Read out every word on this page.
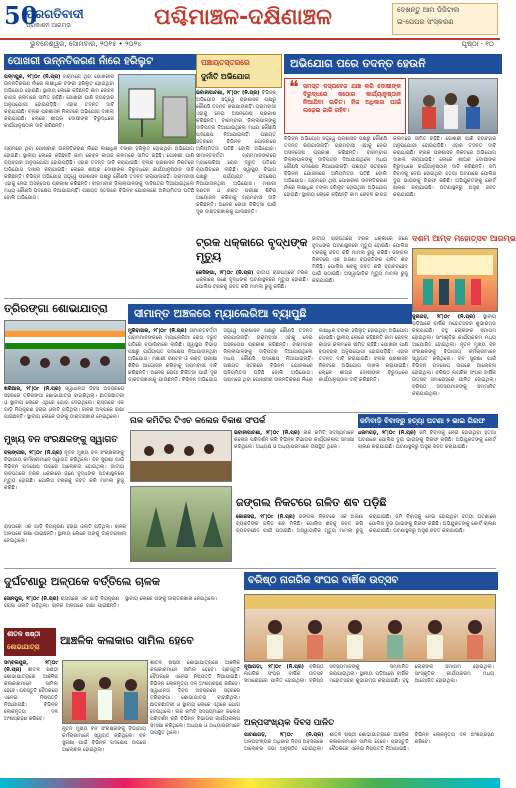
50
ପ୍ରଗତିବାଦୀ
ପ୍ରକାଶନ ଆରମ୍ଭ	ପଶ୍ଚିମାଞ୍ଚଳ-ଦକ୍ଷିଣାଞ୍ଚଳ	ଦେଖନ୍ତୁ ଆମ ଡିଜିଟାଲ
ଇ-ପେପର ସଂସ୍କରଣ
ଭୁବନେଶ୍ୱର, ସୋମବାର, ୨୦୧୫ • ୨୦୨୪	ପୃଷ୍ଠା - ୧୦
ପୋଖରୀ ଉନ୍ନତିକରଣ ନାଁରେ ହରିଲୁଟ
ପଦ୍ମପୁର, ୨୮|୦୯ (ନି.ପ୍ର) ଗ୍ରାମରେ ଥିବା ପୋଖରୀର ଉନ୍ନତିକରଣ ନାଁରେ ଲକ୍ଷାଧିକ ଟଙ୍କା ହରିଲୁଟ ହୋଇଥିବା ଅଭିଯୋଗ ହୋଇଛି। ସ୍ଥାନୀୟ ଲୋକେ କହିଛନ୍ତି କାମ କେବଳ କାଗଜ କଲମରେ ସୀମିତ ରହିଛି। ପୋଖରୀ ପାଣି ବ୍ୟବହାର ଅନୁପଯୋଗୀ ହୋଇପଡ଼ିଛି। ଏହାର ତଦନ୍ତ ଦାବି କରାଯାଇଛି। ବ୍ଲକ ପ୍ରଶାସନ ନିକଟରେ ଅଭିଯୋଗ ଦାଖଲ କରାଯାଇଛି। ଲୋକେ ଶୀଘ୍ର ଦୋଷୀଙ୍କ ବିରୁଦ୍ଧରେ କାର୍ଯ୍ୟାନୁଷ୍ଠାନ ଦାବି କରିଛନ୍ତି।
ଗ୍ରାମରେ ଥିବା ପୋଖରୀର ଉନ୍ନତିକରଣ ନାଁରେ ଲକ୍ଷାଧିକ ଟଙ୍କା ହରିଲୁଟ ହୋଇଥିବା ଅଭିଯୋଗ ହୋଇଛି। ସ୍ଥାନୀୟ ଲୋକେ କହିଛନ୍ତି କାମ କେବଳ କାଗଜ କଲମରେ ସୀମିତ ରହିଛି। ପୋଖରୀ ପାଣି ବ୍ୟବହାର ଅନୁପଯୋଗୀ ହୋଇପଡ଼ିଛି। ଏହାର ତଦନ୍ତ ଦାବି କରାଯାଇଛି। ବ୍ଲକ ପ୍ରଶାସନ ନିକଟରେ ଅଭିଯୋଗ ଦାଖଲ କରାଯାଇଛି। ଲୋକେ ଶୀଘ୍ର ଦୋଷୀଙ୍କ ବିରୁଦ୍ଧରେ କାର୍ଯ୍ୟାନୁଷ୍ଠାନ ଦାବି କରିଛନ୍ତି। ବିଭିନ୍ନ ଅଭିଯୋଗ ସତ୍ତ୍ୱେ ପ୍ରଶାସନ ପକ୍ଷରୁ କୌଣସି ତଦନ୍ତ କରାଯାଉନାହିଁ। ଗ୍ରାମବାସୀ ଏହାକୁ ନେଇ ଅସନ୍ତୋଷ ପ୍ରକାଶ କରିଛନ୍ତି। ବାରମ୍ବାର ଜିଲ୍ଲାପାଳଙ୍କୁ ଦାବିପତ୍ର ଦିଆଯାଇଥିଲେ ମଧ୍ୟ କୌଣସି ପଦକ୍ଷେପ ନିଆଯାଇନାହିଁ। ପଞ୍ଚାୟତ ସ୍ତରରେ ବିଭିନ୍ନ ଯୋଜନାରେ ଅନିୟମିତତା ଘଟିଛି ବୋଲି ଅଭିଯୋଗ।
ପଞ୍ଚାୟତସ୍ତରରେ
ଦୁର୍ନୀତି ଅଭିଯୋଗ
ଅଭିଯୋଗ ପରେ ତଦନ୍ତ ହେଉନି
ଭବାନୀପାଟଣା, ୨୮|୦୯ (ନି.ପ୍ର) ବିଭିନ୍ନ ଅଭିଯୋଗ ସତ୍ତ୍ୱେ ପ୍ରଶାସନ ପକ୍ଷରୁ କୌଣସି ତଦନ୍ତ କରାଯାଉନାହିଁ। ଗ୍ରାମବାସୀ ଏହାକୁ ନେଇ ଅସନ୍ତୋଷ ପ୍ରକାଶ କରିଛନ୍ତି। ବାରମ୍ବାର ଜିଲ୍ଲାପାଳଙ୍କୁ ଦାବିପତ୍ର ଦିଆଯାଇଥିଲେ ମଧ୍ୟ କୌଣସି ପଦକ୍ଷେପ ନିଆଯାଇନାହିଁ। ପଞ୍ଚାୟତ ସ୍ତରରେ ବିଭିନ୍ନ ଯୋଜନାରେ ଅନିୟମିତତା ଘଟିଛି ବୋଲି ଅଭିଯୋଗ। ସୀମାନ୍ତବର୍ତ୍ତୀ ଗ୍ରାମମାନଙ୍କରେ ମ୍ୟାଲେରିଆ ରୋଗ ଦ୍ରୁତ ଗତିରେ ବ୍ୟାପିବାରେ ଲାଗିଛି। ସ୍ୱାସ୍ଥ୍ୟ ବିଭାଗ ପକ୍ଷରୁ ପର୍ଯ୍ୟାପ୍ତ ପଦକ୍ଷେପ ନିଆଯାଉନଥିବା ଅଭିଯୋଗ। ମଶାରୀ ବଣ୍ଟନ ଓ ରକ୍ତ ପରୀକ୍ଷା ଶିବିର ଆୟୋଜନ କରିବାକୁ ଗ୍ରାମବାସୀ ଦାବି କରିଛନ୍ତି। ଅନେକ ରୋଗୀ ଚିକିତ୍ସା ପାଇଁ ଦୂର ଡାକ୍ତରଖାନାକୁ ଯାଉଛନ୍ତି।
❝ ସମସ୍ତ ଦସ୍ତାବେଜ ଯାଞ୍ଚ କରି ଦୋଷୀଙ୍କ ବିରୁଦ୍ଧରେ କଠୋର କାର୍ଯ୍ୟାନୁଷ୍ଠାନ ନିଆଯିବା ଉଚିତ। ନିଜ ଅଧିକାର ପାଇଁ ଲଢ଼େଇ ଜାରି ରହିବ।
ବିଭିନ୍ନ ଅଭିଯୋଗ ସତ୍ତ୍ୱେ ପ୍ରଶାସନ ପକ୍ଷରୁ କୌଣସି ତଦନ୍ତ କରାଯାଉନାହିଁ। ଗ୍ରାମବାସୀ ଏହାକୁ ନେଇ ଅସନ୍ତୋଷ ପ୍ରକାଶ କରିଛନ୍ତି। ବାରମ୍ବାର ଜିଲ୍ଲାପାଳଙ୍କୁ ଦାବିପତ୍ର ଦିଆଯାଇଥିଲେ ମଧ୍ୟ କୌଣସି ପଦକ୍ଷେପ ନିଆଯାଇନାହିଁ। ପଞ୍ଚାୟତ ସ୍ତରରେ ବିଭିନ୍ନ ଯୋଜନାରେ ଅନିୟମିତତା ଘଟିଛି ବୋଲି ଅଭିଯୋଗ। ଗ୍ରାମରେ ଥିବା ପୋଖରୀର ଉନ୍ନତିକରଣ ନାଁରେ ଲକ୍ଷାଧିକ ଟଙ୍କା ହରିଲୁଟ ହୋଇଥିବା ଅଭିଯୋଗ ହୋଇଛି। ସ୍ଥାନୀୟ ଲୋକେ କହିଛନ୍ତି କାମ କେବଳ କାଗଜ କଲମରେ ସୀମିତ ରହିଛି। ପୋଖରୀ ପାଣି ବ୍ୟବହାର ଅନୁପଯୋଗୀ ହୋଇପଡ଼ିଛି। ଏହାର ତଦନ୍ତ ଦାବି କରାଯାଇଛି। ବ୍ଲକ ପ୍ରଶାସନ ନିକଟରେ ଅଭିଯୋଗ ଦାଖଲ କରାଯାଇଛି। ଲୋକେ ଶୀଘ୍ର ଦୋଷୀଙ୍କ ବିରୁଦ୍ଧରେ କାର୍ଯ୍ୟାନୁଷ୍ଠାନ ଦାବି କରିଛନ୍ତି। ଜମି ବିବାଦକୁ ନେଇ ହୋଇଥିବା ହତ୍ୟା ଘଟଣାରେ ପୋଲିସ ଦୁଇ ଭାଇଙ୍କୁ ଗିରଫ କରିଛି। ଅଭିଯୁକ୍ତଙ୍କୁ କୋର୍ଟ ଚାଲାଣ କରାଯାଇଛି। ଘଟଣାସ୍ଥଳରୁ ଅସ୍ତ୍ର ଜବତ କରାଯାଇଛି।
ଟ୍ରକ ଧକ୍କାରେ ବୃଦ୍ଧଙ୍କ ମୃତ୍ୟୁ
କେସିଙ୍ଗା, ୨୮|୦୯ (ନି.ପ୍ର) ଜାତୀୟ ରାଜପଥରେ ଟ୍ରକ ଧକ୍କାରେ ଜଣେ ବୃଦ୍ଧଙ୍କ ଘଟଣାସ୍ଥଳରେ ମୃତ୍ୟୁ ହୋଇଛି। ପୋଲିସ ଟ୍ରକକୁ ଜବତ କରି ମାମଲା ରୁଜୁ କରିଛି।
ଜାତୀୟ ରାଜପଥରେ ଟ୍ରକ ଧକ୍କାରେ ଜଣେ ବୃଦ୍ଧଙ୍କ ଘଟଣାସ୍ଥଳରେ ମୃତ୍ୟୁ ହୋଇଛି। ପୋଲିସ ଟ୍ରକକୁ ଜବତ କରି ମାମଲା ରୁଜୁ କରିଛି। ଜଙ୍ଗଲ ନିକଟରେ ଏକ ଅଜଣା ବ୍ୟକ୍ତିଙ୍କ ଗଳିତ ଶବ ମିଳିଛି। ପୋଲିସ ଶବକୁ ଜବତ କରି ବ୍ୟବଚ୍ଛେଦ ପାଇଁ ପଠାଇଛି। ଅସ୍ୱାଭାବିକ ମୃତ୍ୟୁ ମାମଲା ରୁଜୁ କରାଯାଇଛି।
ଦଶମ ଆମ୍ବ ମହୋତ୍ସବ ଆରମ୍ଭ
ଜୁନାଗଡ଼, ୨୮|୦୯ (ନି.ପ୍ର) ସ୍ଥାନୀୟ ପଡ଼ିଆରେ ବାର୍ଷିକ ମହୋତ୍ସବର ଶୁଭାରମ୍ଭ କରାଯାଇଛି। ବହୁ ଲୋକଙ୍କ ସମାଗମ ହୋଇଥିଲା। ସାଂସ୍କୃତିକ କାର୍ଯ୍ୟକ୍ରମ ମଧ୍ୟ ଆୟୋଜିତ ହୋଇଥିଲା। ନୂତନ ମୁଖ୍ୟ ବନ ସଂରକ୍ଷକଙ୍କୁ ବିଭାଗୀୟ କର୍ମଚାରୀମାନେ ସ୍ୱାଗତ କରିଥିଲେ। ବନ ସୁରକ୍ଷା ପାଇଁ ବିଭିନ୍ନ ପଦକ୍ଷେପ ଉପରେ ଆଲୋଚନା ହୋଇଥିଲା। ବରିଷ୍ଠ ନାଗରିକ ସଂଘର ବାର୍ଷିକ ଉତ୍ସବ ସମାରୋହରେ ପାଳିତ ହୋଇଥିଲା। ବରିଷ୍ଠ ସଦସ୍ୟମାନଙ୍କୁ ସମ୍ମାନିତ କରାଯାଇଥିଲା।
ତ୍ରିରଙ୍ଗା ଶୋଭାଯାତ୍ରା
ଖରିଆର, ୨୮|୦୯ (ନି.ପ୍ର) ସ୍ୱାଧୀନତା ଦିବସ ଅବସରରେ ସହରରେ ତ୍ରିରଙ୍ଗା ଶୋଭାଯାତ୍ରା ବାହାରିଥିଲା। ଛାତ୍ରଛାତ୍ରୀ ଓ ସ୍ଥାନୀୟ ଲୋକେ ଏଥିରେ ଯୋଗ ଦେଇଥିଲେ। ରାସ୍ତାରେ ଏକ ଗାଡ଼ି ନିୟନ୍ତ୍ରଣ ହରାଇ ଓଲଟି ପଡ଼ିଥିଲା। ଚାଳକ ଅଳ୍ପକେ ରକ୍ଷା ପାଇଛନ୍ତି। ସ୍ଥାନୀୟ ଲୋକେ ତାଙ୍କୁ ଡାକ୍ତରଖାନା ନେଇଥିଲେ।
ସୀମାନ୍ତ ଅଞ୍ଚଳରେ ମ୍ୟାଲେରିଆ ବ୍ୟାପୁଛି
ମୁରିବାହାଲ, ୨୮|୦୯ (ନି.ପ୍ର) ସୀମାନ୍ତବର୍ତ୍ତୀ ଗ୍ରାମମାନଙ୍କରେ ମ୍ୟାଲେରିଆ ରୋଗ ଦ୍ରୁତ ଗତିରେ ବ୍ୟାପିବାରେ ଲାଗିଛି। ସ୍ୱାସ୍ଥ୍ୟ ବିଭାଗ ପକ୍ଷରୁ ପର୍ଯ୍ୟାପ୍ତ ପଦକ୍ଷେପ ନିଆଯାଉନଥିବା ଅଭିଯୋଗ। ମଶାରୀ ବଣ୍ଟନ ଓ ରକ୍ତ ପରୀକ୍ଷା ଶିବିର ଆୟୋଜନ କରିବାକୁ ଗ୍ରାମବାସୀ ଦାବି କରିଛନ୍ତି। ଅନେକ ରୋଗୀ ଚିକିତ୍ସା ପାଇଁ ଦୂର ଡାକ୍ତରଖାନାକୁ ଯାଉଛନ୍ତି। ବିଭିନ୍ନ ଅଭିଯୋଗ ସତ୍ତ୍ୱେ ପ୍ରଶାସନ ପକ୍ଷରୁ କୌଣସି ତଦନ୍ତ କରାଯାଉନାହିଁ। ଗ୍ରାମବାସୀ ଏହାକୁ ନେଇ ଅସନ୍ତୋଷ ପ୍ରକାଶ କରିଛନ୍ତି। ବାରମ୍ବାର ଜିଲ୍ଲାପାଳଙ୍କୁ ଦାବିପତ୍ର ଦିଆଯାଇଥିଲେ ମଧ୍ୟ କୌଣସି ପଦକ୍ଷେପ ନିଆଯାଇନାହିଁ। ପଞ୍ଚାୟତ ସ୍ତରରେ ବିଭିନ୍ନ ଯୋଜନାରେ ଅନିୟମିତତା ଘଟିଛି ବୋଲି ଅଭିଯୋଗ। ଗ୍ରାମରେ ଥିବା ପୋଖରୀର ଉନ୍ନତିକରଣ ନାଁରେ ଲକ୍ଷାଧିକ ଟଙ୍କା ହରିଲୁଟ ହୋଇଥିବା ଅଭିଯୋଗ ହୋଇଛି। ସ୍ଥାନୀୟ ଲୋକେ କହିଛନ୍ତି କାମ କେବଳ କାଗଜ କଲମରେ ସୀମିତ ରହିଛି। ପୋଖରୀ ପାଣି ବ୍ୟବହାର ଅନୁପଯୋଗୀ ହୋଇପଡ଼ିଛି। ଏହାର ତଦନ୍ତ ଦାବି କରାଯାଇଛି। ବ୍ଲକ ପ୍ରଶାସନ ନିକଟରେ ଅଭିଯୋଗ ଦାଖଲ କରାଯାଇଛି। ଲୋକେ ଶୀଘ୍ର ଦୋଷୀଙ୍କ ବିରୁଦ୍ଧରେ କାର୍ଯ୍ୟାନୁଷ୍ଠାନ ଦାବି କରିଛନ୍ତି।
ନାକ କମିଟିର ଟିଏଚ କଲେଜ ବିକାଶ ସଂପର୍କ
ଭବାନୀପାଟଣା, ୨୮|୦୯ (ନି.ପ୍ର) ନାକ କମିଟି ସଦସ୍ୟମାନେ କଲେଜ ପରିଦର୍ଶନ କରି ବିଭିନ୍ନ ବିଭାଗର କାର୍ଯ୍ୟକଳାପ ସମୀକ୍ଷା କରିଥିଲେ। ଅଧ୍ୟକ୍ଷ ଓ ଅଧ୍ୟାପକମାନେ ଉପସ୍ଥିତ ଥିଲେ।
ଜମିବାଡ଼ି ବିବାଦରୁ ହତ୍ୟା ଘଟଣା ୨ ଭାଇ ଗିରଫ
ଧରମଗଡ଼, ୨୮|୦୯ (ନି.ପ୍ର) ଜମି ବିବାଦକୁ ନେଇ ହୋଇଥିବା ହତ୍ୟା ଘଟଣାରେ ପୋଲିସ ଦୁଇ ଭାଇଙ୍କୁ ଗିରଫ କରିଛି। ଅଭିଯୁକ୍ତଙ୍କୁ କୋର୍ଟ ଚାଲାଣ କରାଯାଇଛି। ଘଟଣାସ୍ଥଳରୁ ଅସ୍ତ୍ର ଜବତ କରାଯାଇଛି।
ମୁଖ୍ୟ ବନ ସଂରକ୍ଷକଙ୍କୁ ସ୍ୱାଗତ
ବଲାଙ୍ଗୀର, ୨୮|୦୯ (ନି.ପ୍ର) ନୂତନ ମୁଖ୍ୟ ବନ ସଂରକ୍ଷକଙ୍କୁ ବିଭାଗୀୟ କର୍ମଚାରୀମାନେ ସ୍ୱାଗତ କରିଥିଲେ। ବନ ସୁରକ୍ଷା ପାଇଁ ବିଭିନ୍ନ ପଦକ୍ଷେପ ଉପରେ ଆଲୋଚନା ହୋଇଥିଲା। ଜାତୀୟ ରାଜପଥରେ ଟ୍ରକ ଧକ୍କାରେ ଜଣେ ବୃଦ୍ଧଙ୍କ ଘଟଣାସ୍ଥଳରେ ମୃତ୍ୟୁ ହୋଇଛି। ପୋଲିସ ଟ୍ରକକୁ ଜବତ କରି ମାମଲା ରୁଜୁ କରିଛି।
ଜଙ୍ଗଲ ନିକଟରେ ଗଳିତ ଶବ ପଡ଼ିଛି
କୋକସରା, ୨୮|୦୯ (ନି.ପ୍ର) ଜଙ୍ଗଲ ନିକଟରେ ଏକ ଅଜଣା ବ୍ୟକ୍ତିଙ୍କ ଗଳିତ ଶବ ମିଳିଛି। ପୋଲିସ ଶବକୁ ଜବତ କରି ବ୍ୟବଚ୍ଛେଦ ପାଇଁ ପଠାଇଛି। ଅସ୍ୱାଭାବିକ ମୃତ୍ୟୁ ମାମଲା ରୁଜୁ କରାଯାଇଛି। ଜମି ବିବାଦକୁ ନେଇ ହୋଇଥିବା ହତ୍ୟା ଘଟଣାରେ ପୋଲିସ ଦୁଇ ଭାଇଙ୍କୁ ଗିରଫ କରିଛି। ଅଭିଯୁକ୍ତଙ୍କୁ କୋର୍ଟ ଚାଲାଣ କରାଯାଇଛି। ଘଟଣାସ୍ଥଳରୁ ଅସ୍ତ୍ର ଜବତ କରାଯାଇଛି।
ଦୁର୍ଘଟଣାରୁ ଅଳ୍ପକେ ବର୍ତ୍ତିଲେ ଚାଳକ
ରାସ୍ତାରେ ଏକ ଗାଡ଼ି ନିୟନ୍ତ୍ରଣ ହରାଇ ଓଲଟି ପଡ଼ିଥିଲା। ଚାଳକ ଅଳ୍ପକେ ରକ୍ଷା ପାଇଛନ୍ତି। ସ୍ଥାନୀୟ ଲୋକେ ତାଙ୍କୁ ଡାକ୍ତରଖାନା ନେଇଥିଲେ।
ସୋନପୁର, ୨୮|୦୯ (ନି.ପ୍ର) ରାସ୍ତାରେ ଏକ ଗାଡ଼ି ନିୟନ୍ତ୍ରଣ ହରାଇ ଓଲଟି ପଡ଼ିଥିଲା। ଚାଳକ ଅଳ୍ପକେ ରକ୍ଷା ପାଇଛନ୍ତି। ସ୍ଥାନୀୟ ଲୋକେ ତାଙ୍କୁ ଡାକ୍ତରଖାନା ନେଇଥିଲେ।
ବରିଷ୍ଠ ନାଗରିକ ସଂଘର ବାର୍ଷିକ ଉତ୍ସବ
ନୂଆପଡ଼ା, ୨୮|୦୯ (ନି.ପ୍ର) ବରିଷ୍ଠ ନାଗରିକ ସଂଘର ବାର୍ଷିକ ଉତ୍ସବ ସମାରୋହରେ ପାଳିତ ହୋଇଥିଲା। ବରିଷ୍ଠ ସଦସ୍ୟମାନଙ୍କୁ ସମ୍ମାନିତ କରାଯାଇଥିଲା। ସ୍ଥାନୀୟ ପଡ଼ିଆରେ ବାର୍ଷିକ ମହୋତ୍ସବର ଶୁଭାରମ୍ଭ କରାଯାଇଛି। ବହୁ ଲୋକଙ୍କ ସମାଗମ ହୋଇଥିଲା। ସାଂସ୍କୃତିକ କାର୍ଯ୍ୟକ୍ରମ ମଧ୍ୟ ଆୟୋଜିତ ହୋଇଥିଲା।
ଶୀତଳ ଷଷ୍ଠୀ
ଶୋଭାଯାତ୍ରା ଆଞ୍ଚଳିକ କଳାକାର ସାମିଲ ହେବେ
ସମ୍ବଲପୁର, ୨୮|୦୯ (ନି.ପ୍ର) ଶୀତଳ ଷଷ୍ଠୀ ଶୋଭାଯାତ୍ରାରେ ଆଞ୍ଚଳିକ କଳାକାରମାନେ ସାମିଲ ହେବେ। ପ୍ରସ୍ତୁତି ବୈଠକରେ ଏନେଇ ନିଷ୍ପତ୍ତି ନିଆଯାଇଛି। ବିଭିନ୍ନ ଲୋକନୃତ୍ୟ ଦଳ ଅଂଶଗ୍ରହଣ କରିବେ।
ଶୀତଳ ଷଷ୍ଠୀ ଶୋଭାଯାତ୍ରାରେ ଆଞ୍ଚଳିକ କଳାକାରମାନେ ସାମିଲ ହେବେ। ପ୍ରସ୍ତୁତି ବୈଠକରେ ଏନେଇ ନିଷ୍ପତ୍ତି ନିଆଯାଇଛି। ବିଭିନ୍ନ ଲୋକନୃତ୍ୟ ଦଳ ଅଂଶଗ୍ରହଣ କରିବେ। ସ୍ୱାଧୀନତା ଦିବସ ଅବସରରେ ସହରରେ ତ୍ରିରଙ୍ଗା ଶୋଭାଯାତ୍ରା ବାହାରିଥିଲା। ଛାତ୍ରଛାତ୍ରୀ ଓ ସ୍ଥାନୀୟ ଲୋକେ ଏଥିରେ ଯୋଗ ଦେଇଥିଲେ। ନାକ କମିଟି ସଦସ୍ୟମାନେ କଲେଜ ପରିଦର୍ଶନ କରି ବିଭିନ୍ନ ବିଭାଗର କାର୍ଯ୍ୟକଳାପ ସମୀକ୍ଷା କରିଥିଲେ। ଅଧ୍ୟକ୍ଷ ଓ ଅଧ୍ୟାପକମାନେ ଉପସ୍ଥିତ ଥିଲେ।
ନୂତନ ମୁଖ୍ୟ ବନ ସଂରକ୍ଷକଙ୍କୁ ବିଭାଗୀୟ କର୍ମଚାରୀମାନେ ସ୍ୱାଗତ କରିଥିଲେ। ବନ ସୁରକ୍ଷା ପାଇଁ ବିଭିନ୍ନ ପଦକ୍ଷେପ ଉପରେ ଆଲୋଚନା ହୋଇଥିଲା।
ଅଳ୍ପସଂଖ୍ୟକ ଦିବସ ପାଳିତ
ପାଟଣାଗଡ଼, ୨୮|୦୯ (ନି.ପ୍ର) ଅଳ୍ପସଂଖ୍ୟକ ଅଧିକାର ଦିବସ ଅବସରରେ ଆଲୋଚନା ସଭା ଅନୁଷ୍ଠିତ ହୋଇଥିଲା। ଶୀତଳ ଷଷ୍ଠୀ ଶୋଭାଯାତ୍ରାରେ ଆଞ୍ଚଳିକ କଳାକାରମାନେ ସାମିଲ ହେବେ। ପ୍ରସ୍ତୁତି ବୈଠକରେ ଏନେଇ ନିଷ୍ପତ୍ତି ନିଆଯାଇଛି। ବିଭିନ୍ନ ଲୋକନୃତ୍ୟ ଦଳ ଅଂଶଗ୍ରହଣ କରିବେ।
